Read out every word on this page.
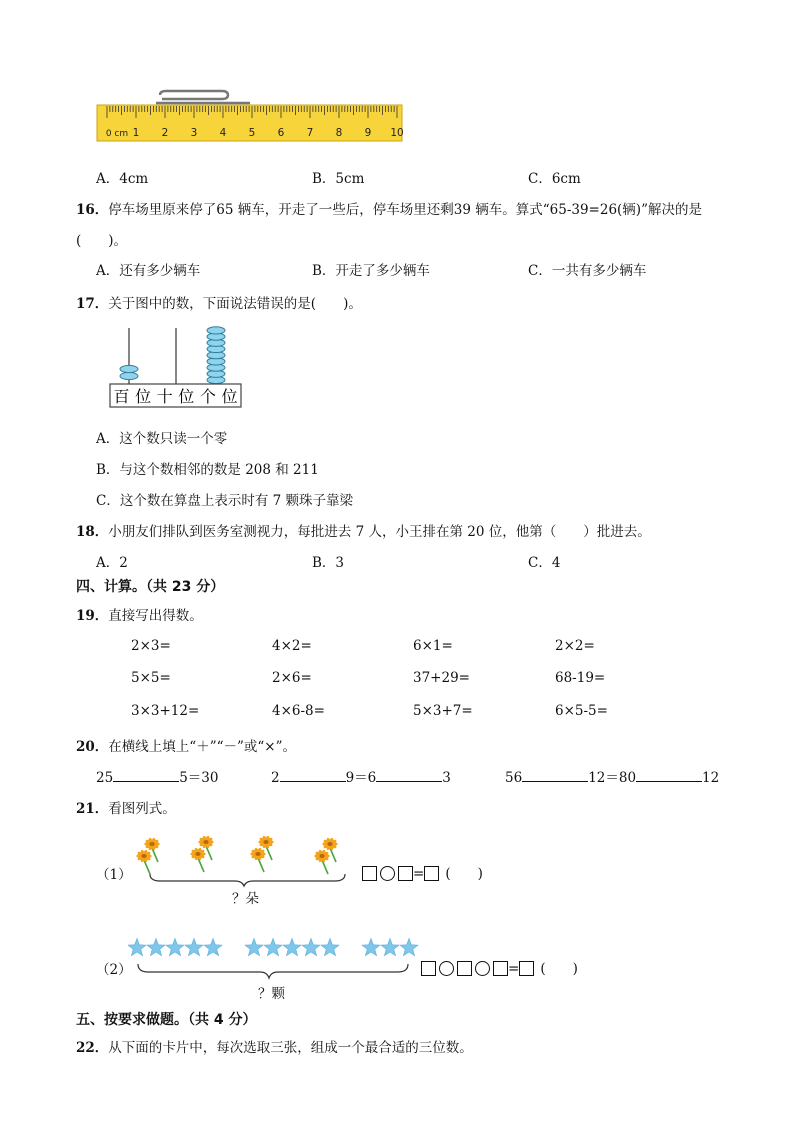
0 cm 1 2 3 4 5 6 7 8 9 10
A．4cm	B．5cm	C．6cm
16．停车场里原来停了65 辆车，开走了一些后，停车场里还剩39 辆车。算式“65-39=26(辆)”解决的是
(　　)。
A．还有多少辆车	B．开走了多少辆车	C．一共有多少辆车
17．关于图中的数，下面说法错误的是(　　)。
百位十位个位
A．这个数只读一个零
B．与这个数相邻的数是 208 和 211
C．这个数在算盘上表示时有 7 颗珠子靠梁
18．小朋友们排队到医务室测视力，每批进去 7 人，小王排在第 20 位，他第（　　）批进去。
A．2	B．3	C．4
四、计算。（共 23 分）
19．直接写出得数。
2×3=	4×2=	6×1=	2×2=
5×5=	2×6=	37+29=	68-19=
3×3+12=	4×6-8=	5×3+7=	6×5-5=
20．在横线上填上“＋”“－”或“×”。
25	5＝30	2	9＝6	3	56	12＝80	12
21．看图列式。
（1）
？朵
= (　　)
（2）
？颗
= (　　)
五、按要求做题。（共 4 分）
22．从下面的卡片中，每次选取三张，组成一个最合适的三位数。
